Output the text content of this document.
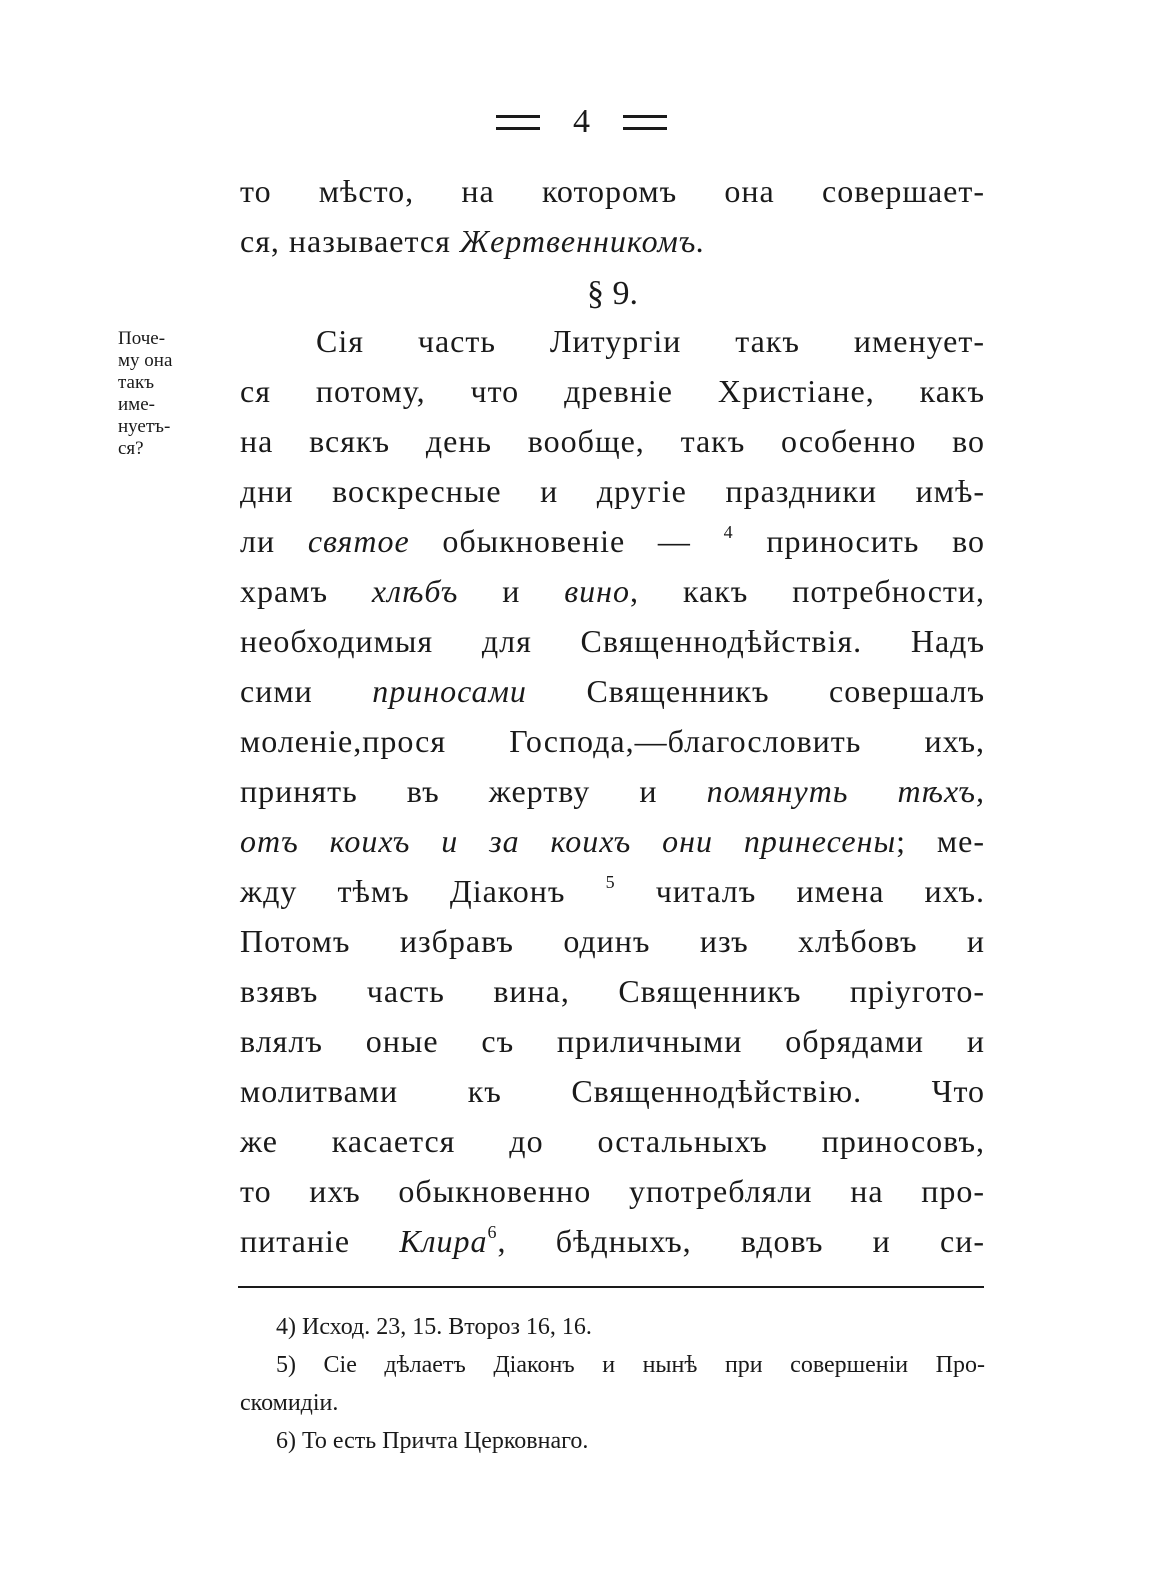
4
то мѣсто, на которомъ она совершает-
ся, называется Жертвенникомъ.
§ 9.
Поче-
му она
такъ
име-
нуетъ-
ся?
Сія часть Литургіи такъ именует-
ся потому, что древніе Христіане, какъ
на всякъ день вообще, такъ особенно во
дни воскресные и другіе праздники имѣ-
ли святое обыкновеніе — $^4$ приносить во
храмъ хлѣбъ и вино, какъ потребности,
необходимыя для Священнодѣйствія. Надъ
сими приносами Священникъ совершалъ
моленіе,прося Господа,—благословить ихъ,
принять въ жертву и помянуть тѣхъ,
отъ коихъ и за коихъ они принесены; ме-
жду тѣмъ Діаконъ $^5$ читалъ имена ихъ.
Потомъ избравъ одинъ изъ хлѣбовъ и
взявъ часть вина, Священникъ пріугото-
влялъ оные съ приличными обрядами и
молитвами къ Священнодѣйствію. Что
же касается до остальныхъ приносовъ,
то ихъ обыкновенно употребляли на про-
питаніе Клира$^6$, бѣдныхъ, вдовъ и си-
4) Исход. 23, 15. Второз 16, 16.
5) Сіе дѣлаетъ Діаконъ и нынѣ при совершеніи Про-
скомидіи.
6) То есть Причта Церковнаго.
